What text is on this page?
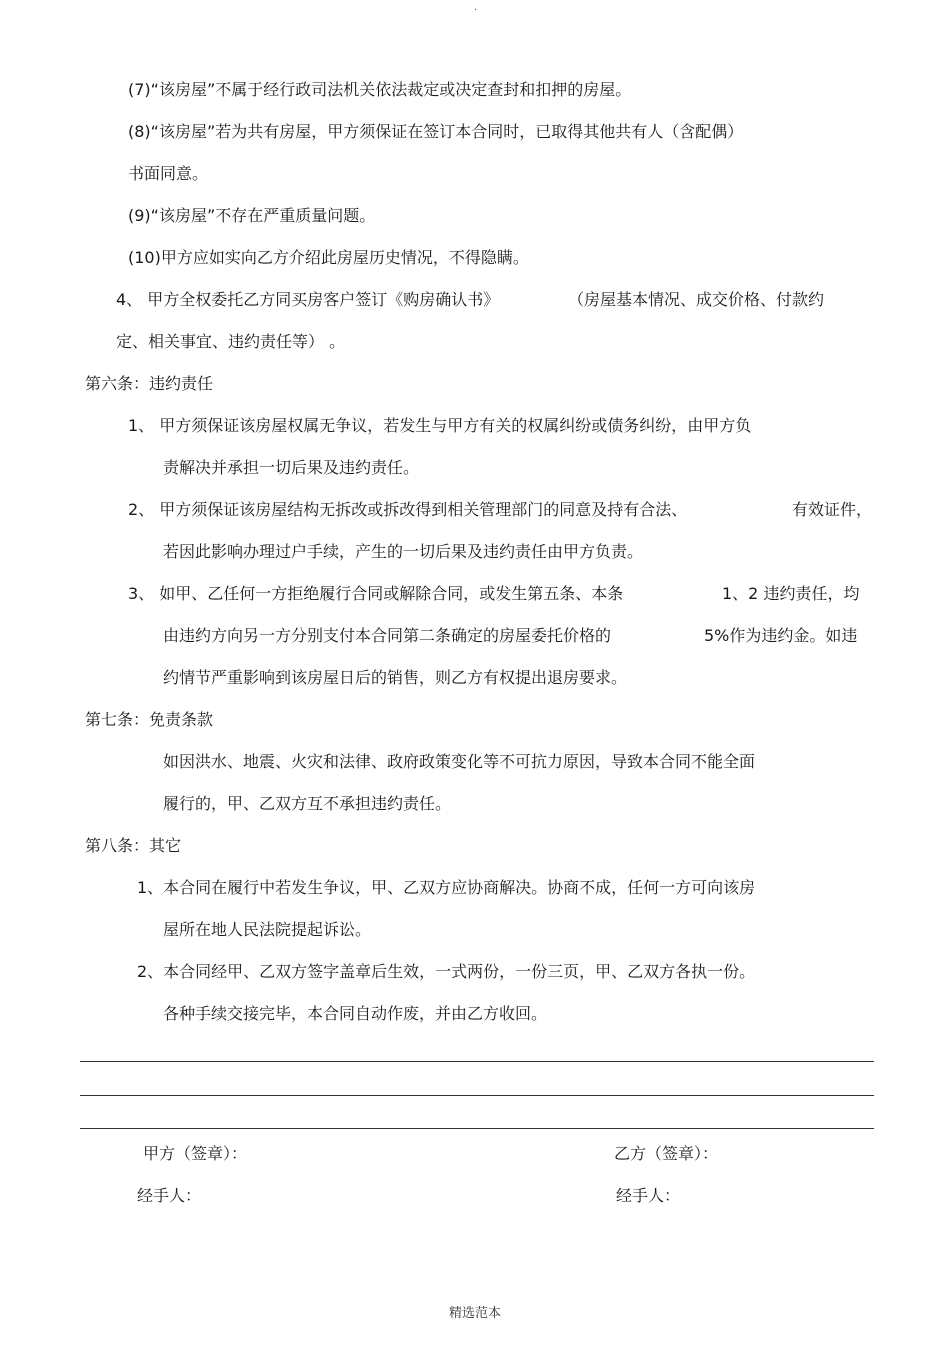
.
(7)“该房屋”不属于经行政司法机关依法裁定或决定查封和扣押的房屋。
(8)“该房屋”若为共有房屋，甲方须保证在签订本合同时，已取得其他共有人（含配偶）
书面同意。
(9)“该房屋”不存在严重质量问题。
(10)甲方应如实向乙方介绍此房屋历史情况，不得隐瞒。
4、 甲方全权委托乙方同买房客户签订《购房确认书》	（房屋基本情况、成交价格、付款约
定、相关事宜、违约责任等） 。
第六条：违约责任
1、 甲方须保证该房屋权属无争议，若发生与甲方有关的权属纠纷或债务纠纷，由甲方负
责解决并承担一切后果及违约责任。
2、 甲方须保证该房屋结构无拆改或拆改得到相关管理部门的同意及持有合法、	有效证件，
若因此影响办理过户手续，产生的一切后果及违约责任由甲方负责。
3、 如甲、乙任何一方拒绝履行合同或解除合同，或发生第五条、本条	1、2 违约责任，均
由违约方向另一方分别支付本合同第二条确定的房屋委托价格的	5%作为违约金。如违
约情节严重影响到该房屋日后的销售，则乙方有权提出退房要求。
第七条：免责条款
如因洪水、地震、火灾和法律、政府政策变化等不可抗力原因，导致本合同不能全面
履行的，甲、乙双方互不承担违约责任。
第八条：其它
1、本合同在履行中若发生争议，甲、乙双方应协商解决。协商不成，任何一方可向该房
屋所在地人民法院提起诉讼。
2、本合同经甲、乙双方签字盖章后生效，一式两份，一份三页，甲、乙双方各执一份。
各种手续交接完毕，本合同自动作废，并由乙方收回。
甲方（签章）：	乙方（签章）：
经手人：	经手人：
精选范本
